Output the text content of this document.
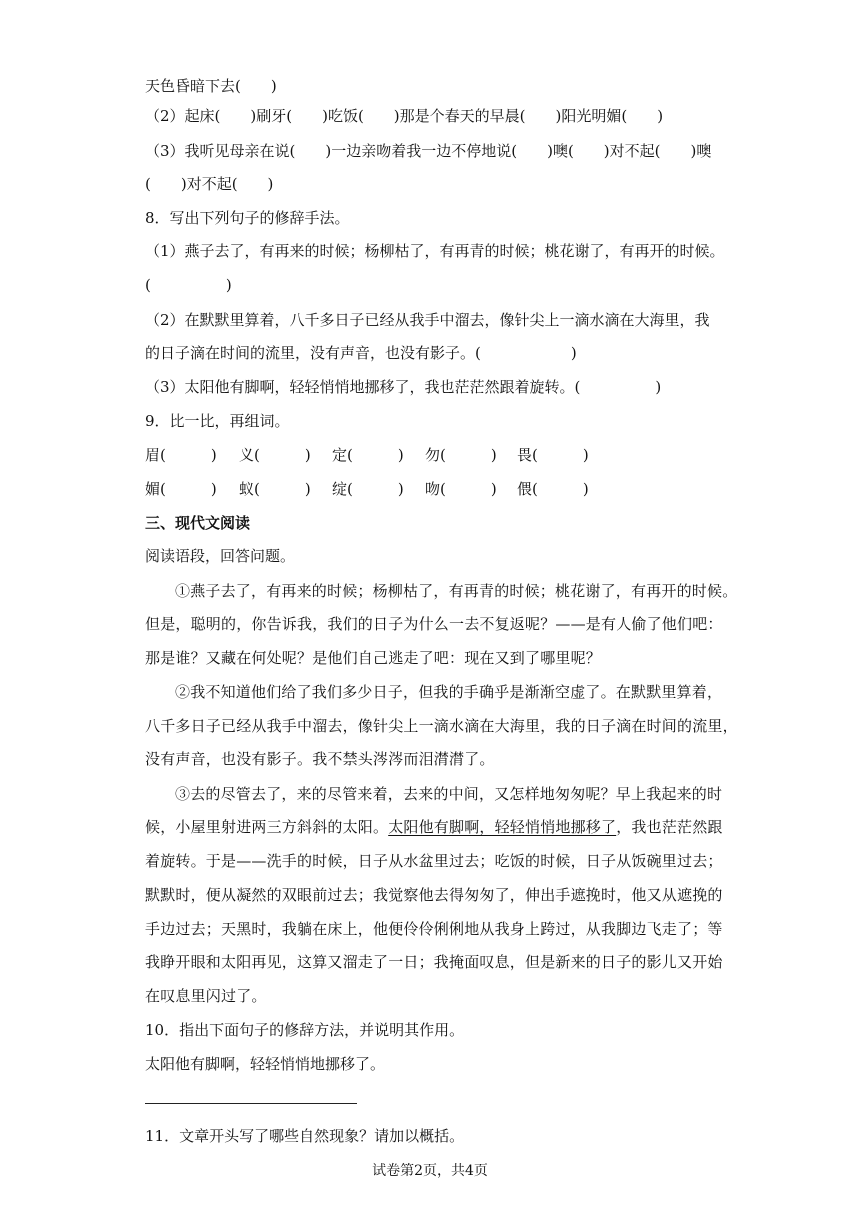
天色昏暗下去(　　)
（2）起床(　　)刷牙(　　)吃饭(　　)那是个春天的早晨(　　)阳光明媚(　　)
（3）我听见母亲在说(　　)一边亲吻着我一边不停地说(　　)噢(　　)对不起(　　)噢
(　　)对不起(　　)
8．写出下列句子的修辞手法。
（1）燕子去了，有再来的时候；杨柳枯了，有再青的时候；桃花谢了，有再开的时候。
(　　　　　)
（2）在默默里算着，八千多日子已经从我手中溜去，像针尖上一滴水滴在大海里，我
的日子滴在时间的流里，没有声音，也没有影子。(　　　　　　)
（3）太阳他有脚啊，轻轻悄悄地挪移了，我也茫茫然跟着旋转。(　　　　　)
9．比一比，再组词。
眉(　　　) 义(　　　) 定(　　　) 勿(　　　) 畏(　　　)
媚(　　　) 蚁(　　　) 绽(　　　) 吻(　　　) 偎(　　　)
三、现代文阅读
阅读语段，回答问题。
①燕子去了，有再来的时候；杨柳枯了，有再青的时候；桃花谢了，有再开的时候。
但是，聪明的，你告诉我，我们的日子为什么一去不复返呢？——是有人偷了他们吧：
那是谁？又藏在何处呢？是他们自己逃走了吧：现在又到了哪里呢？
②我不知道他们给了我们多少日子，但我的手确乎是渐渐空虚了。在默默里算着，
八千多日子已经从我手中溜去，像针尖上一滴水滴在大海里，我的日子滴在时间的流里，
没有声音，也没有影子。我不禁头涔涔而泪潸潸了。
③去的尽管去了，来的尽管来着，去来的中间，又怎样地匆匆呢？早上我起来的时
候，小屋里射进两三方斜斜的太阳。太阳他有脚啊，轻轻悄悄地挪移了，我也茫茫然跟
着旋转。于是——洗手的时候，日子从水盆里过去；吃饭的时候，日子从饭碗里过去；
默默时，便从凝然的双眼前过去；我觉察他去得匆匆了，伸出手遮挽时，他又从遮挽的
手边过去；天黑时，我躺在床上，他便伶伶俐俐地从我身上跨过，从我脚边飞走了；等
我睁开眼和太阳再见，这算又溜走了一日；我掩面叹息，但是新来的日子的影儿又开始
在叹息里闪过了。
10．指出下面句子的修辞方法，并说明其作用。
太阳他有脚啊，轻轻悄悄地挪移了。
11．文章开头写了哪些自然现象？请加以概括。
试卷第2页，共4页
